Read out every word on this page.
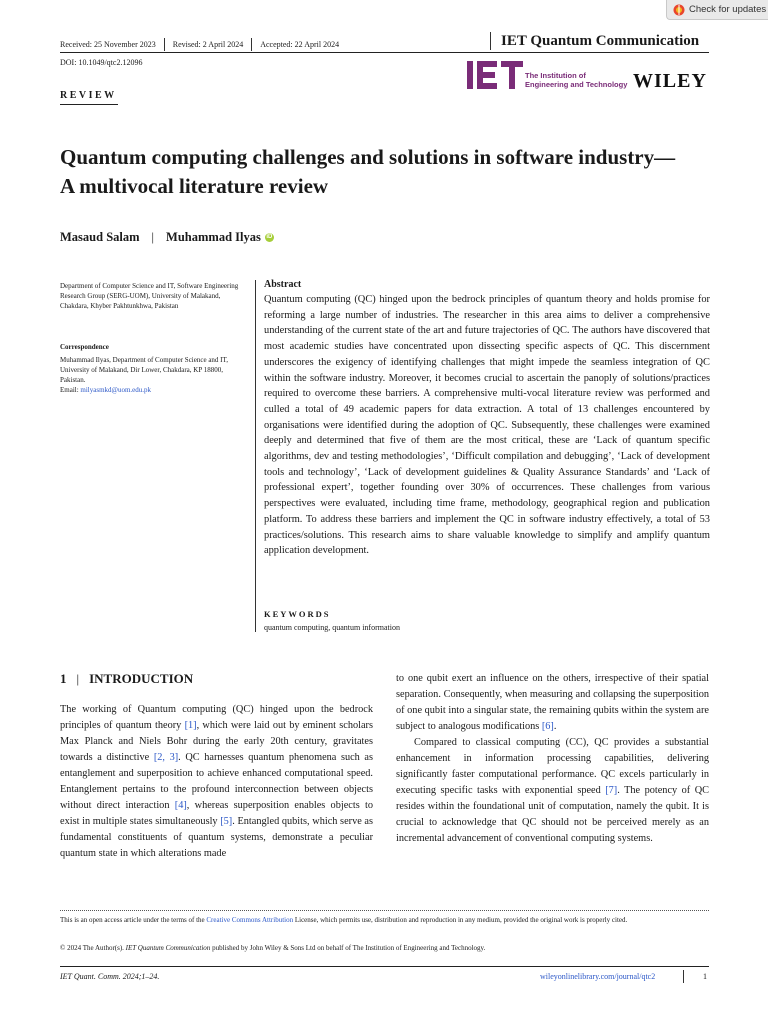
Check for updates
Received: 25 November 2023 Revised: 2 April 2024 Accepted: 22 April 2024	IET Quantum Communication
DOI: 10.1049/qtc2.12096
The Institution of
Engineering and Technology WILEY
REVIEW
Quantum computing challenges and solutions in software industry—A multivocal literature review
Masaud Salam | Muhammad Ilyas iD
Department of Computer Science and IT, Software Engineering Research Group (SERG-UOM), University of Malakand, Chakdara, Khyber Pakhtunkhwa, Pakistan
Correspondence
Muhammad Ilyas, Department of Computer Science and IT, University of Malakand, Dir Lower, Chakdara, KP 18800, Pakistan.
Email: milyasmkd@uom.edu.pk
Abstract

Quantum computing (QC) hinged upon the bedrock principles of quantum theory and holds promise for reforming a large number of industries. The researcher in this area aims to deliver a comprehensive understanding of the current state of the art and future trajectories of QC. The authors have discovered that most academic studies have concentrated upon dissecting specific aspects of QC. This discernment underscores the exigency of identifying challenges that might impede the seamless integration of QC within the software industry. Moreover, it becomes crucial to ascertain the panoply of solutions/practices required to overcome these barriers. A comprehensive multi-vocal literature review was performed and culled a total of 49 academic papers for data extraction. A total of 13 challenges encountered by organisations were identified during the adoption of QC. Subsequently, these challenges were examined deeply and determined that five of them are the most critical, these are ‘Lack of quantum specific algorithms, dev and testing methodologies’, ‘Difficult compilation and debugging’, ‘Lack of development tools and technology’, ‘Lack of development guidelines & Quality Assurance Standards’ and ‘Lack of professional expert’, together founding over 30% of occurrences. These challenges from various perspectives were evaluated, including time frame, methodology, geographical region and publication platform. To address these barriers and implement the QC in software industry effectively, a total of 53 practices/solutions. This research aims to share valuable knowledge to simplify and amplify quantum application development.

KEYWORDS
quantum computing, quantum information
1 | INTRODUCTION

The working of Quantum computing (QC) hinged upon the bedrock principles of quantum theory [1], which were laid out by eminent scholars Max Planck and Niels Bohr during the early 20th century, gravitates towards a distinctive [2, 3]. QC harnesses quantum phenomena such as entanglement and superposition to achieve enhanced computational speed. Entanglement pertains to the profound interconnection between objects without direct interaction [4], whereas superposition enables objects to exist in multiple states simultaneously [5]. Entangled qubits, which serve as fundamental constituents of quantum systems, demonstrate a peculiar quantum state in which alterations made

to one qubit exert an influence on the others, irrespective of their spatial separation. Consequently, when measuring and collapsing the superposition of one qubit into a singular state, the remaining qubits within the system are subject to analogous modifications [6].
Compared to classical computing (CC), QC provides a substantial enhancement in information processing capabilities, delivering significantly faster computational performance. QC excels particularly in executing specific tasks with exponential speed [7]. The potency of QC resides within the foundational unit of computation, namely the qubit. It is crucial to acknowledge that QC should not be perceived merely as an incremental advancement of conventional computing systems.
This is an open access article under the terms of the Creative Commons Attribution License, which permits use, distribution and reproduction in any medium, provided the original work is properly cited.
© 2024 The Author(s). IET Quantum Communication published by John Wiley & Sons Ltd on behalf of The Institution of Engineering and Technology.
IET Quant. Comm. 2024;1–24.	wileyonlinelibrary.com/journal/qtc2	1
